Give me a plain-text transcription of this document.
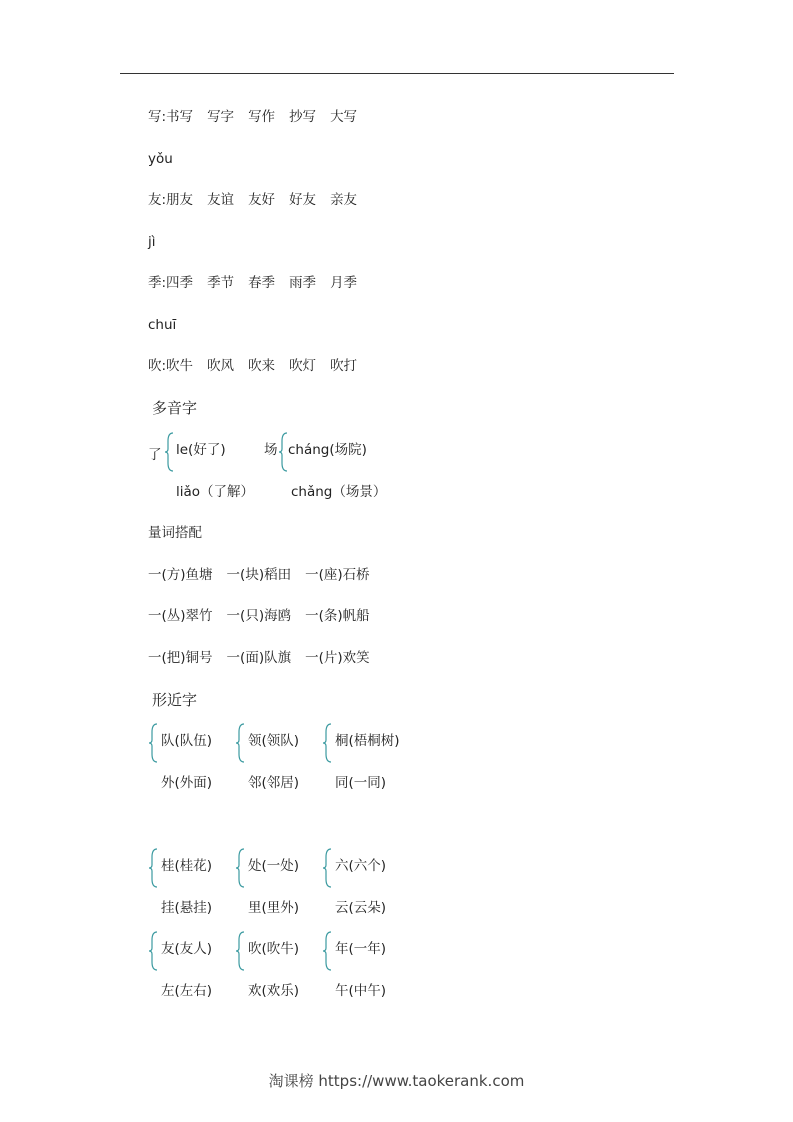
写:书写 写字 写作 抄写 大写
yǒu
友:朋友 友谊 友好 好友 亲友
jì
季:四季 季节 春季 雨季 月季
chuī
吹:吹牛 吹风 吹来 吹灯 吹打
多音字
了 le(好了)
liǎo（了解）
场 cháng(场院)
chǎng（场景）
量词搭配
一(方)鱼塘 一(块)稻田 一(座)石桥
一(丛)翠竹 一(只)海鸥 一(条)帆船
一(把)铜号 一(面)队旗 一(片)欢笑
形近字
队(队伍)
外(外面)
领(领队)
邻(邻居)
桐(梧桐树)
同(一同)
桂(桂花)
挂(悬挂)
处(一处)
里(里外)
六(六个)
云(云朵)
友(友人)
左(左右)
吹(吹牛)
欢(欢乐)
年(一年)
午(中午)
淘课榜 https://www.taokerank.com
